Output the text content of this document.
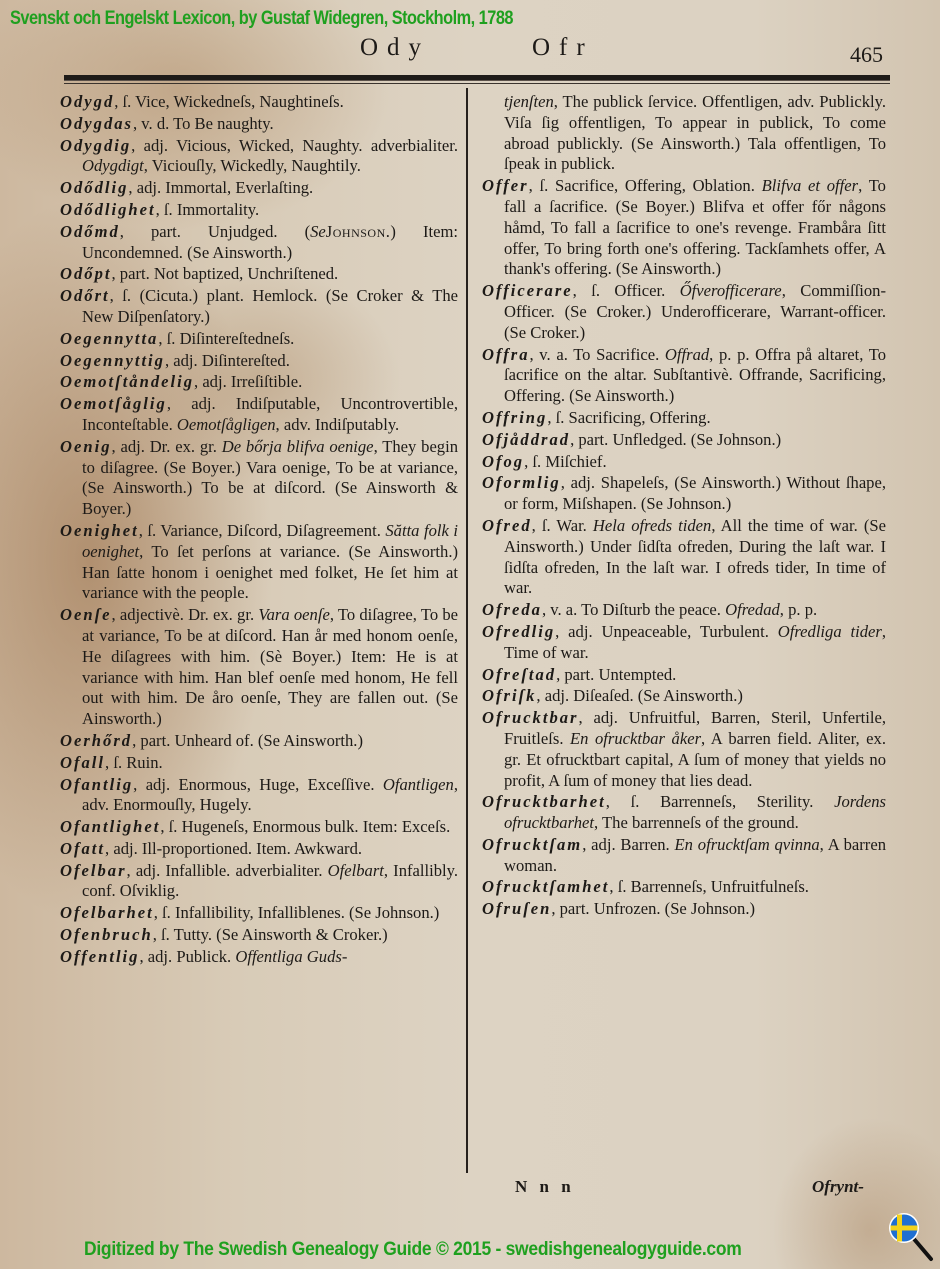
Svenskt och Engelskt Lexicon, by Gustaf Widegren, Stockholm, 1788
Ody	Ofr	465

Odygd, ſ. Vice, Wickedneſs, Naughtineſs.

Odygdas, v. d. To Be naughty.

Odygdig, adj. Vicious, Wicked, Naughty. adverbialiter. Odygdigt, Viciouſly, Wickedly, Naughtily.

Odődlig, adj. Immortal, Everlaſting.

Odődlighet, ſ. Immortality.

Odőmd, part. Unjudged. (SeJohnson.) Item: Uncondemned. (Se Ainsworth.)

Odőpt, part. Not baptized, Unchriſtened.

Odőrt, ſ. (Cicuta.) plant. Hemlock. (Se Croker & The New Diſpenſatory.)

Oegennytta, ſ. Diſintereſtedneſs.

Oegennyttig, adj. Diſintereſted.

Oemotſtåndelig, adj. Irreſiſtible.

Oemotſåglig, adj. Indiſputable, Uncontrovertible, Inconteſtable. Oemotſågligen, adv. Indiſputably.

Oenig, adj. Dr. ex. gr. De bőrja blifva oenige, They begin to diſagree. (Se Boyer.) Vara oenige, To be at variance, (Se Ainsworth.) To be at diſcord. (Se Ainsworth & Boyer.)

Oenighet, ſ. Variance, Diſcord, Diſagreement. Sătta folk i oenighet, To ſet perſons at variance. (Se Ainsworth.) Han ſatte honom i oenighet med folket, He ſet him at variance with the people.

Oenſe, adjectivè. Dr. ex. gr. Vara oenſe, To diſagree, To be at variance, To be at diſcord. Han år med honom oenſe, He diſagrees with him. (Sè Boyer.) Item: He is at variance with him. Han blef oenſe med honom, He fell out with him. De åro oenſe, They are fallen out. (Se Ainsworth.)

Oerhőrd, part. Unheard of. (Se Ainsworth.)

Ofall, ſ. Ruin.

Ofantlig, adj. Enormous, Huge, Exceſſive. Ofantligen, adv. Enormouſly, Hugely.

Ofantlighet, ſ. Hugeneſs, Enormous bulk. Item: Exceſs.

Ofatt, adj. Ill-proportioned. Item. Awkward.

Ofelbar, adj. Infallible. adverbialiter. Ofelbart, Infallibly. conf. Oſviklig.

Ofelbarhet, ſ. Infallibility, Infalliblenes. (Se Johnson.)

Ofenbruch, ſ. Tutty. (Se Ainsworth & Croker.)

Offentlig, adj. Publick. Offentliga Guds-

tjenſten, The publick ſervice. Offentligen, adv. Publickly. Viſa ſig offentligen, To appear in publick, To come abroad publickly. (Se Ainsworth.) Tala offentligen, To ſpeak in publick.

Offer, ſ. Sacrifice, Offering, Oblation. Blifva et offer, To fall a ſacrifice. (Se Boyer.) Blifva et offer főr någons håmd, To fall a ſacrifice to one's revenge. Frambåra ſitt offer, To bring forth one's offering. Tackſamhets offer, A thank's offering. (Se Ainsworth.)

Officerare, ſ. Officer. Őfverofficerare, Commiſſion-Officer. (Se Croker.) Underofficerare, Warrant-officer. (Se Croker.)

Offra, v. a. To Sacrifice. Offrad, p. p. Offra på altaret, To ſacrifice on the altar. Subſtantivè. Offrande, Sacrificing, Offering. (Se Ainsworth.)

Offring, ſ. Sacrificing, Offering.

Ofjåddrad, part. Unfledged. (Se Johnson.)

Ofog, ſ. Miſchief.

Oformlig, adj. Shapeleſs, (Se Ainsworth.) Without ſhape, or form, Miſshapen. (Se Johnson.)

Ofred, ſ. War. Hela ofreds tiden, All the time of war. (Se Ainsworth.) Under ſidſta ofreden, During the laſt war. I ſidſta ofreden, In the laſt war. I ofreds tider, In time of war.

Ofreda, v. a. To Diſturb the peace. Ofredad, p. p.

Ofredlig, adj. Unpeaceable, Turbulent. Ofredliga tider, Time of war.

Ofreſtad, part. Untempted.

Ofriſk, adj. Diſeaſed. (Se Ainsworth.)

Ofrucktbar, adj. Unfruitful, Barren, Steril, Unfertile, Fruitleſs. En ofrucktbar åker, A barren field. Aliter, ex. gr. Et ofrucktbart capital, A ſum of money that yields no profit, A ſum of money that lies dead.

Ofrucktbarhet, ſ. Barrenneſs, Sterility. Jordens ofrucktbarhet, The barrenneſs of the ground.

Ofrucktſam, adj. Barren. En ofrucktſam qvinna, A barren woman.

Ofrucktſamhet, ſ. Barrenneſs, Unfruitfulneſs.

Ofruſen, part. Unfrozen. (Se Johnson.)

N n n	Ofrynt-
Digitized by The Swedish Genealogy Guide © 2015 - swedishgenealogyguide.com
